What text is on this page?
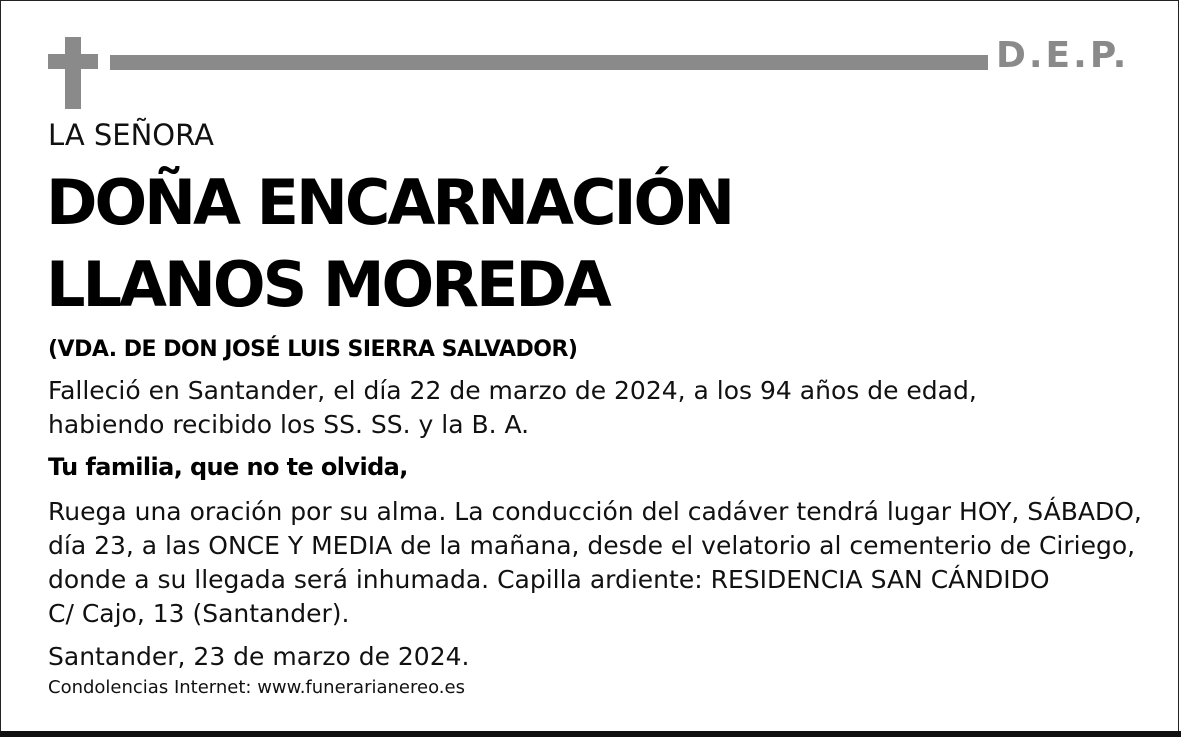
D.E.P.
LA SEÑORA
DOÑA ENCARNACIÓN
LLANOS MOREDA
(VDA. DE DON JOSÉ LUIS SIERRA SALVADOR)
Falleció en Santander, el día 22 de marzo de 2024, a los 94 años de edad,
habiendo recibido los SS. SS. y la B. A.
Tu familia, que no te olvida,
Ruega una oración por su alma. La conducción del cadáver tendrá lugar HOY, SÁBADO,
día 23, a las ONCE Y MEDIA de la mañana, desde el velatorio al cementerio de Ciriego,
donde a su llegada será inhumada. Capilla ardiente: RESIDENCIA SAN CÁNDIDO
C/ Cajo, 13 (Santander).
Santander, 23 de marzo de 2024.
Condolencias Internet: www.funerarianereo.es
